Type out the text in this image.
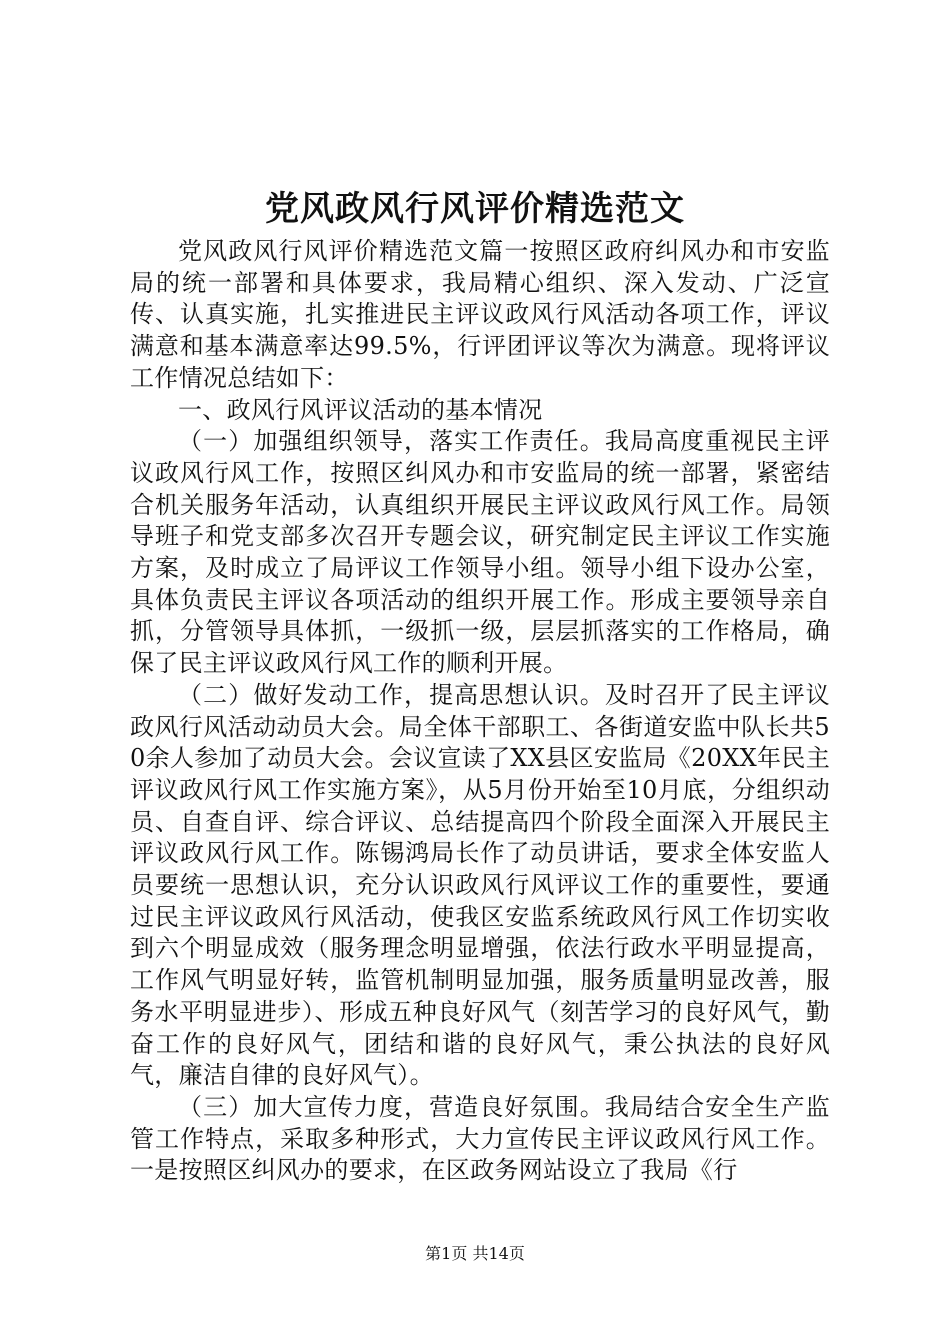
党风政风行风评价精选范文

党风政风行风评价精选范文篇一按照区政府纠风办和市安监局的统一部署和具体要求，我局精心组织、深入发动、广泛宣传、认真实施，扎实推进民主评议政风行风活动各项工作，评议满意和基本满意率达99.5%，行评团评议等次为满意。现将评议工作情况总结如下：

一、政风行风评议活动的基本情况

（一）加强组织领导，落实工作责任。我局高度重视民主评议政风行风工作，按照区纠风办和市安监局的统一部署，紧密结合机关服务年活动，认真组织开展民主评议政风行风工作。局领导班子和党支部多次召开专题会议，研究制定民主评议工作实施方案，及时成立了局评议工作领导小组。领导小组下设办公室，具体负责民主评议各项活动的组织开展工作。形成主要领导亲自抓，分管领导具体抓，一级抓一级，层层抓落实的工作格局，确保了民主评议政风行风工作的顺利开展。

（二）做好发动工作，提高思想认识。及时召开了民主评议政风行风活动动员大会。局全体干部职工、各街道安监中队长共50余人参加了动员大会。会议宣读了XX县区安监局《20XX年民主评议政风行风工作实施方案》，从5月份开始至10月底，分组织动员、自查自评、综合评议、总结提高四个阶段全面深入开展民主评议政风行风工作。陈锡鸿局长作了动员讲话，要求全体安监人员要统一思想认识，充分认识政风行风评议工作的重要性，要通过民主评议政风行风活动，使我区安监系统政风行风工作切实收到六个明显成效（服务理念明显增强，依法行政水平明显提高，工作风气明显好转，监管机制明显加强，服务质量明显改善，服务水平明显进步）、形成五种良好风气（刻苦学习的良好风气，勤奋工作的良好风气，团结和谐的良好风气，秉公执法的良好风气，廉洁自律的良好风气）。

（三）加大宣传力度，营造良好氛围。我局结合安全生产监管工作特点，采取多种形式，大力宣传民主评议政风行风工作。一是按照区纠风办的要求，在区政务网站设立了我局《行

第1页 共14页
